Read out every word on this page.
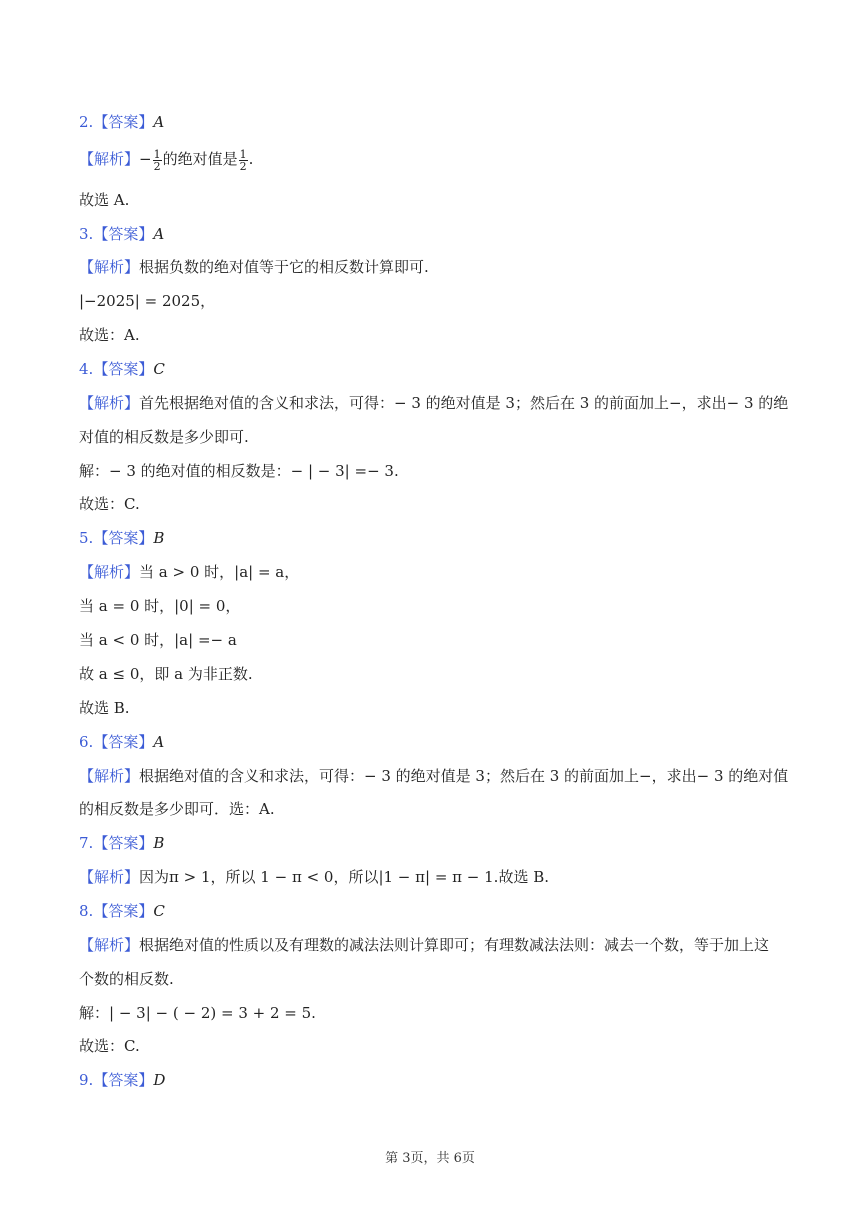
2.【答案】A
【解析】− $\frac{1}{2}$ 的绝对值是 $\frac{1}{2}$ .
故选 A.
3.【答案】A
【解析】根据负数的绝对值等于它的相反数计算即可.
|−2025| = 2025，
故选：A.
4.【答案】C
【解析】首先根据绝对值的含义和求法，可得：− 3 的绝对值是 3；然后在 3 的前面加上−，求出− 3 的绝
对值的相反数是多少即可.
解：− 3 的绝对值的相反数是：− | − 3| =− 3.
故选：C.
5.【答案】B
【解析】当 a > 0 时，|a| = a，
当 a = 0 时，|0| = 0，
当 a < 0 时，|a| =− a
故 a ≤ 0，即 a 为非正数.
故选 B.
6.【答案】A
【解析】根据绝对值的含义和求法，可得：− 3 的绝对值是 3；然后在 3 的前面加上−，求出− 3 的绝对值
的相反数是多少即可．选：A.
7.【答案】B
【解析】因为π > 1，所以 1 − π < 0，所以|1 − π| = π − 1.故选 B.
8.【答案】C
【解析】根据绝对值的性质以及有理数的减法法则计算即可；有理数减法法则：减去一个数，等于加上这
个数的相反数.
解：| − 3| − ( − 2) = 3 + 2 = 5.
故选：C.
9.【答案】D
第 3页，共 6页
